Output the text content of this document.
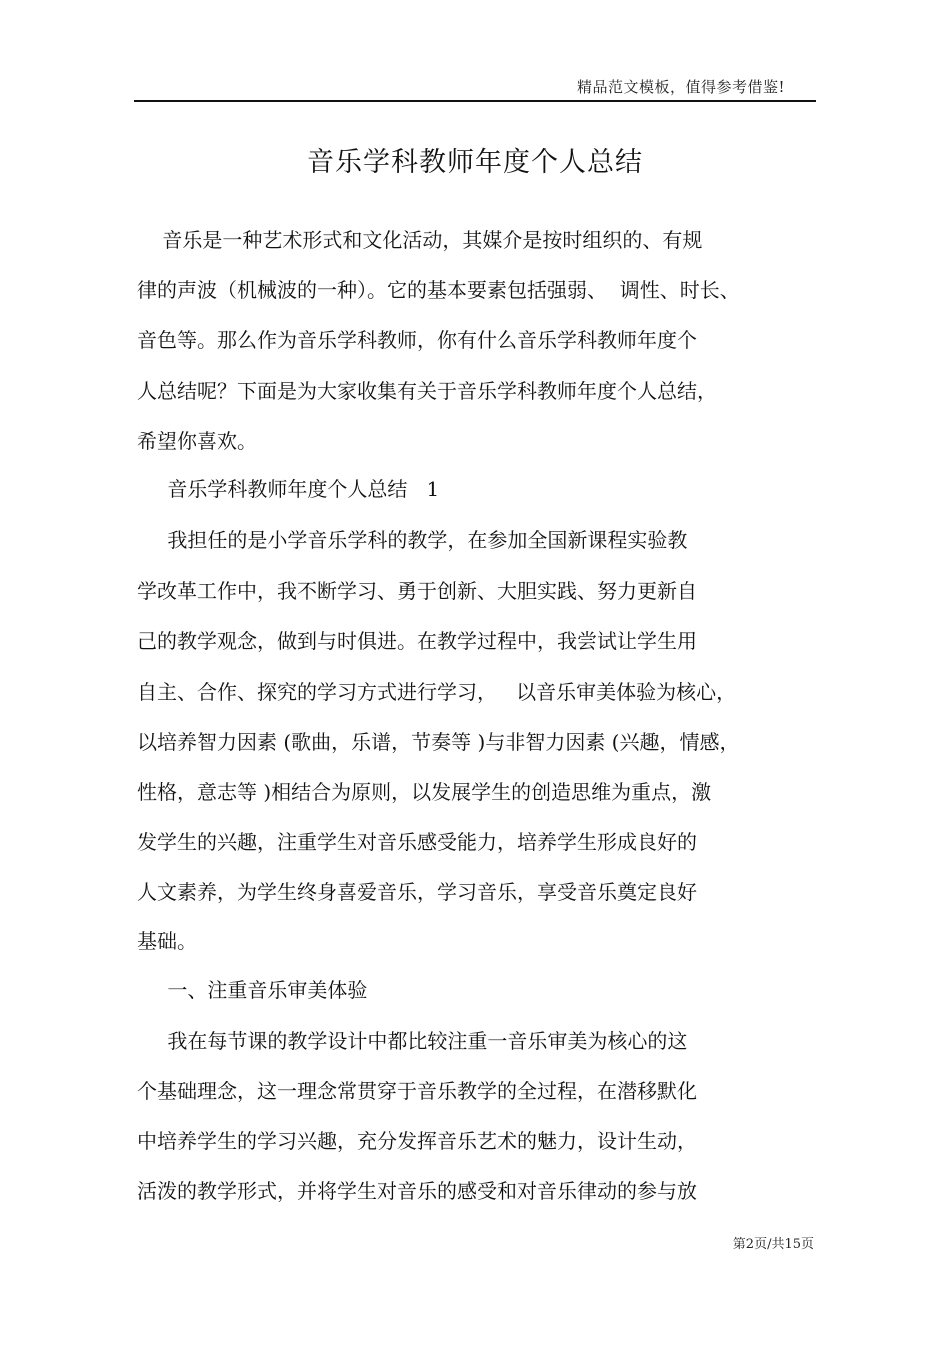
精品范文模板，值得参考借鉴!
音乐学科教师年度个人总结
音乐是一种艺术形式和文化活动，其媒介是按时组织的、有规
律的声波（机械波的一种）。它的基本要素包括强弱、  调性、时长、
音色等。那么作为音乐学科教师，你有什么音乐学科教师年度个
人总结呢？下面是为大家收集有关于音乐学科教师年度个人总结，
希望你喜欢。
音乐学科教师年度个人总结   1
我担任的是小学音乐学科的教学，在参加全国新课程实验教
学改革工作中，我不断学习、勇于创新、大胆实践、努力更新自
己的教学观念，做到与时俱进。在教学过程中，我尝试让学生用
自主、合作、探究的学习方式进行学习，   以音乐审美体验为核心，
以培养智力因素 (歌曲，乐谱，节奏等 )与非智力因素 (兴趣，情感，
性格，意志等 )相结合为原则，以发展学生的创造思维为重点，激
发学生的兴趣，注重学生对音乐感受能力，培养学生形成良好的
人文素养，为学生终身喜爱音乐，学习音乐，享受音乐奠定良好
基础。
一、注重音乐审美体验
我在每节课的教学设计中都比较注重一音乐审美为核心的这
个基础理念，这一理念常贯穿于音乐教学的全过程，在潜移默化
中培养学生的学习兴趣，充分发挥音乐艺术的魅力，设计生动，
活泼的教学形式，并将学生对音乐的感受和对音乐律动的参与放
第2页/共15页
